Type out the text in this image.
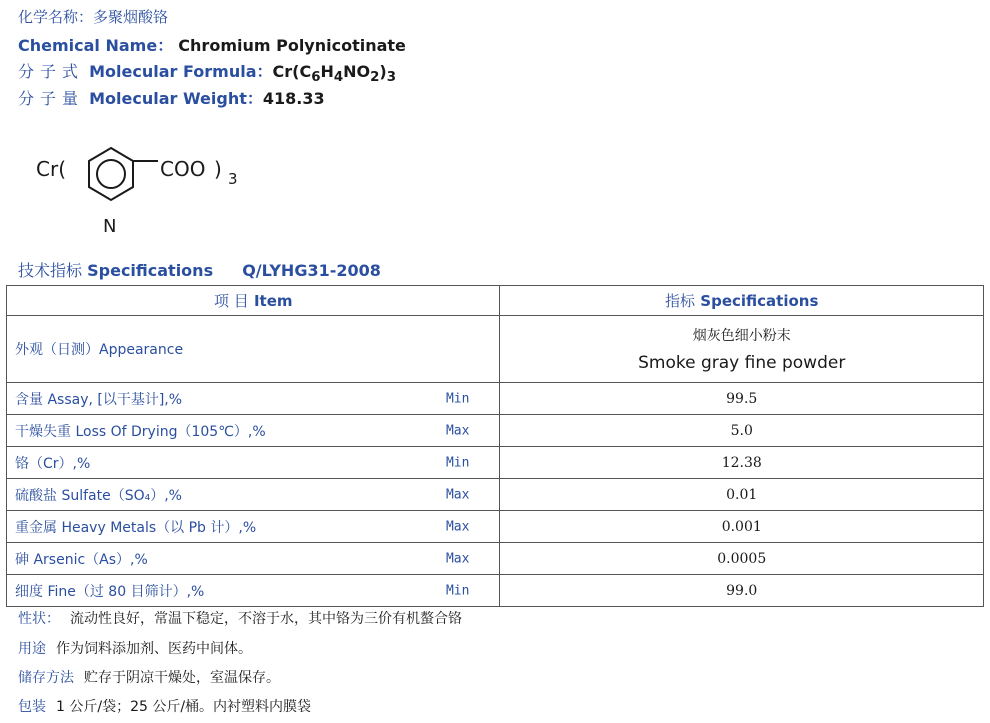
化学名称：多聚烟酸铬
Chemical Name： Chromium Polynicotinate
分子式 Molecular Formula：$Cr(C_6H_4NO_2)_3$
分子量 Molecular Weight：418.33
Cr(	COO ) 3
N
技术指标 Specifications Q/LYHG31-2008
项 目 Item	指标 Specifications
外观（日测）Appearance	烟灰色细小粉末
Smoke gray fine powder

含量 Assay, [以干基计],% Min	99.5
干燥失重 Loss Of Drying（105℃）,% Max	5.0
铬（Cr）,% Min	12.38
硫酸盐 Sulfate（SO₄）,% Max	0.01
重金属 Heavy Metals（以 Pb 计）,% Max	0.001
砷 Arsenic（As）,% Max	0.0005
细度 Fine（过 80 目筛计）,% Min	99.0
性状： 流动性良好，常温下稳定，不溶于水，其中铬为三价有机螯合铬
用途 作为饲料添加剂、医药中间体。
储存方法 贮存于阴凉干燥处，室温保存。
包装 1 公斤/袋；25 公斤/桶。内衬塑料内膜袋
